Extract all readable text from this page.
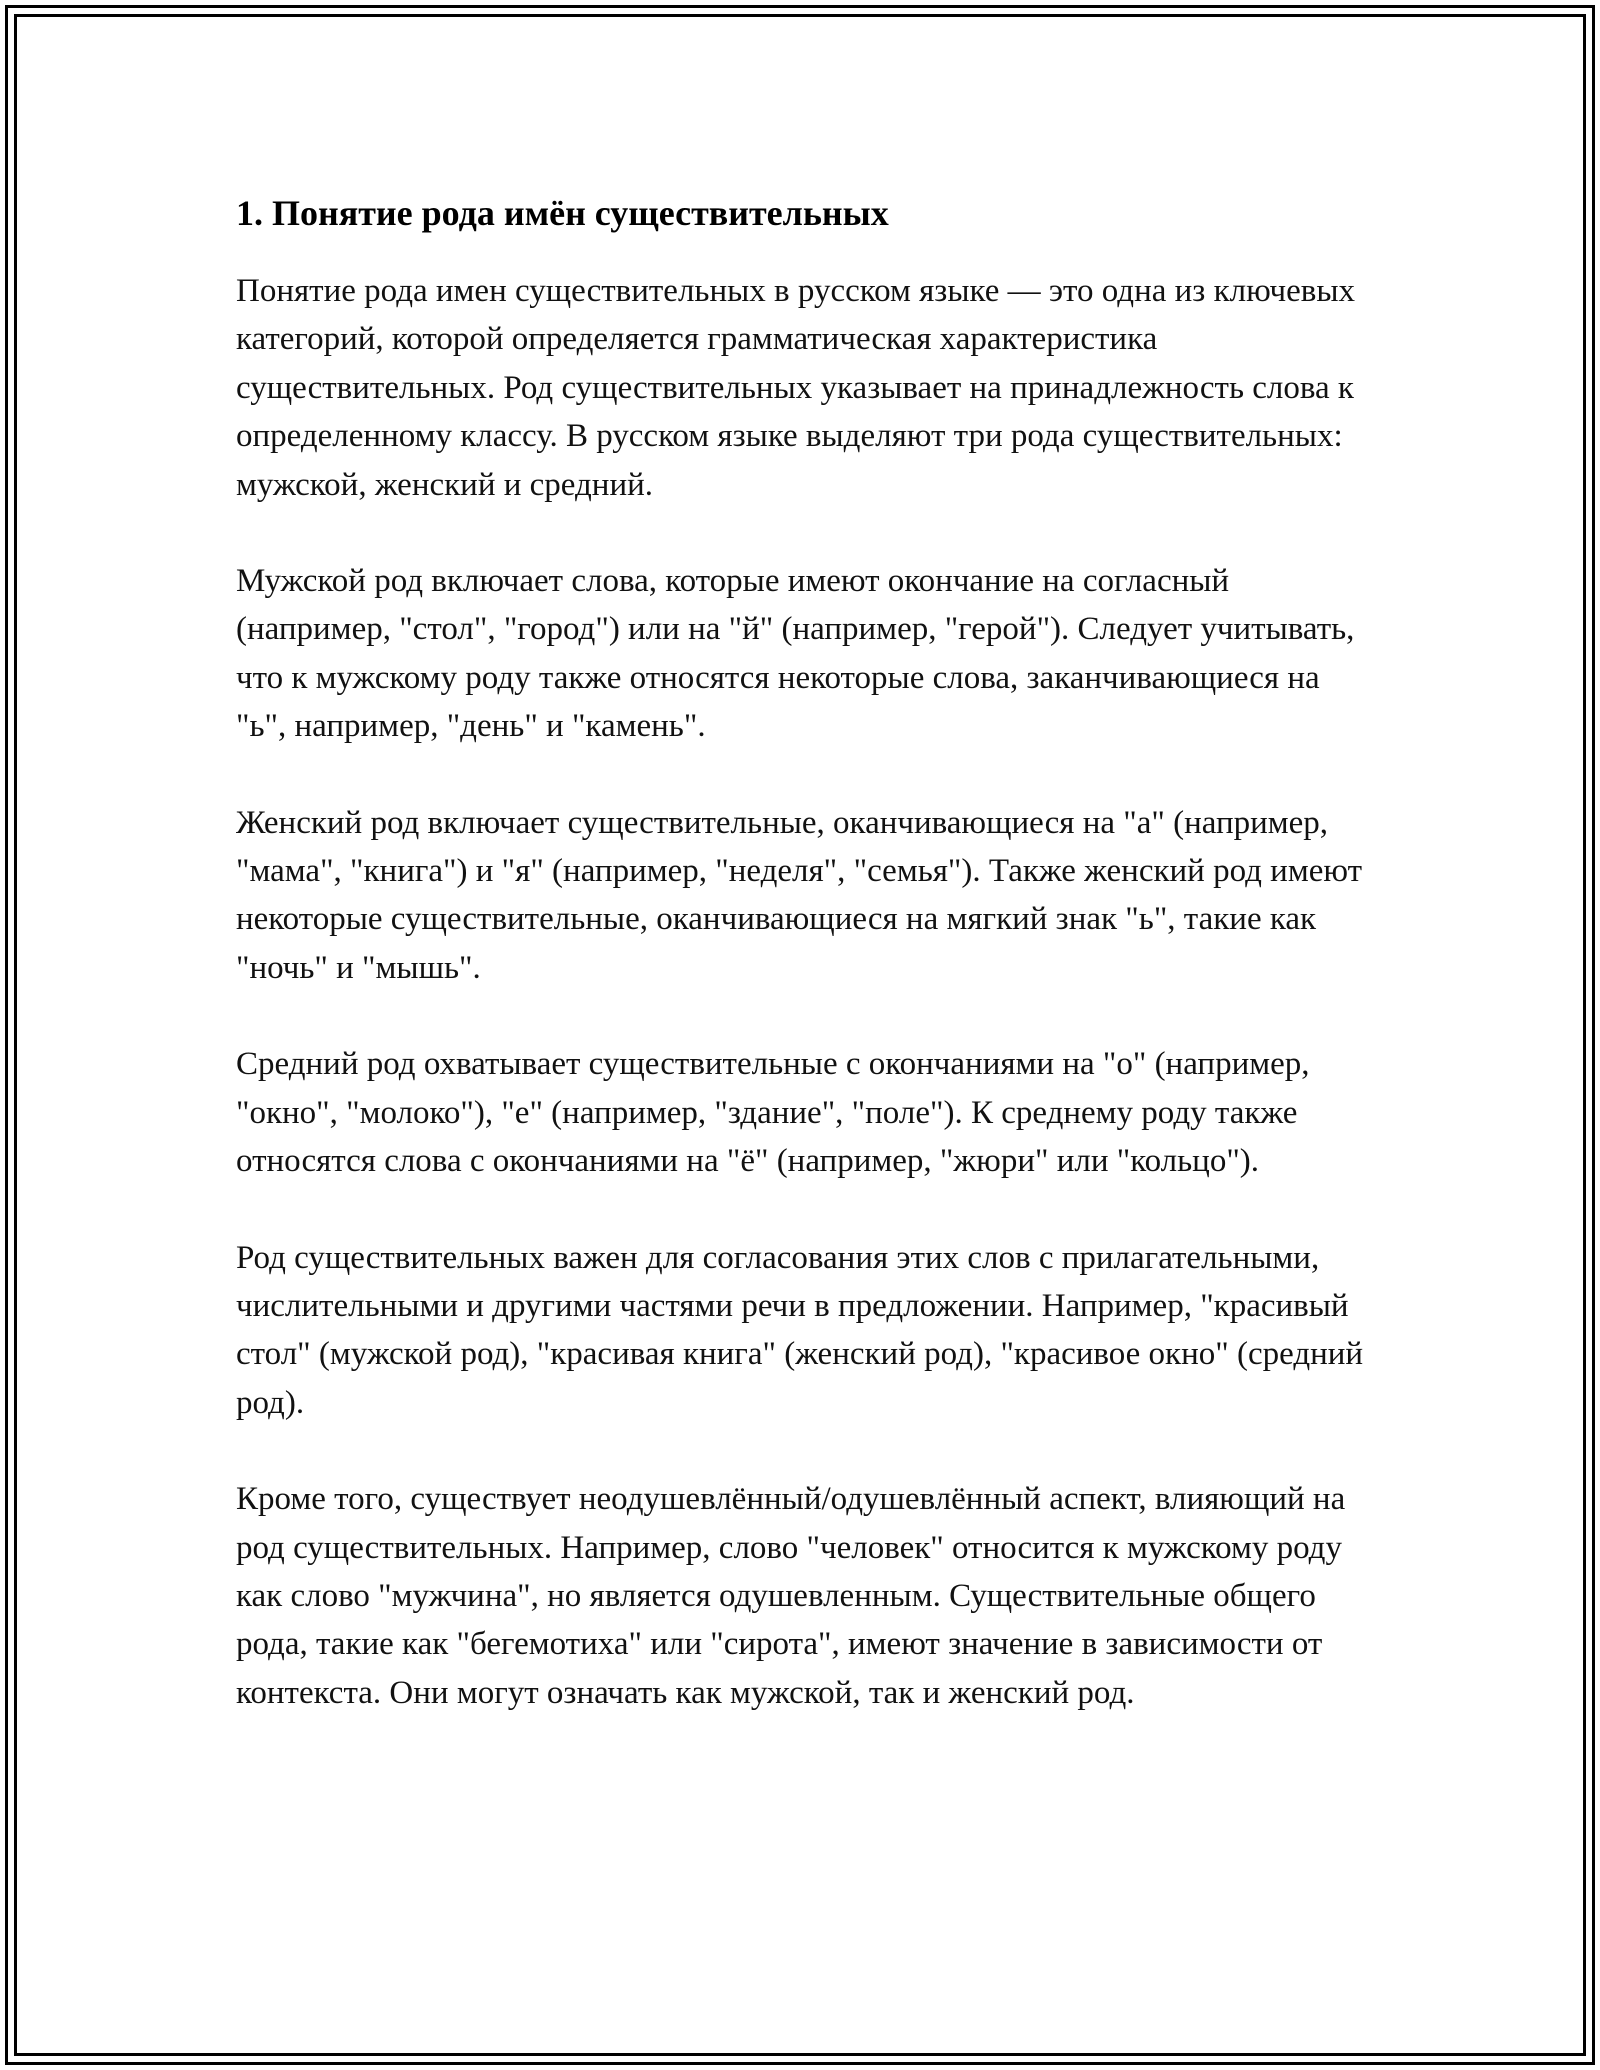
1. Понятие рода имён существительных

Понятие рода имен существительных в русском языке — это одна из ключевых категорий, которой определяется грамматическая характеристика существительных. Род существительных указывает на принадлежность слова к определенному классу. В русском языке выделяют три рода существительных: мужской, женский и средний.

Мужской род включает слова, которые имеют окончание на согласный (например, "стол", "город") или на "й" (например, "герой"). Следует учитывать, что к мужскому роду также относятся некоторые слова, заканчивающиеся на "ь", например, "день" и "камень".

Женский род включает существительные, оканчивающиеся на "а" (например, "мама", "книга") и "я" (например, "неделя", "семья"). Также женский род имеют некоторые существительные, оканчивающиеся на мягкий знак "ь", такие как "ночь" и "мышь".

Средний род охватывает существительные с окончаниями на "о" (например, "окно", "молоко"), "е" (например, "здание", "поле"). К среднему роду также относятся слова с окончаниями на "ё" (например, "жюри" или "кольцо").

Род существительных важен для согласования этих слов с прилагательными, числительными и другими частями речи в предложении. Например, "красивый стол" (мужской род), "красивая книга" (женский род), "красивое окно" (средний род).

Кроме того, существует неодушевлённый/одушевлённый аспект, влияющий на род существительных. Например, слово "человек" относится к мужскому роду как слово "мужчина", но является одушевленным. Существительные общего рода, такие как "бегемотиха" или "сирота", имеют значение в зависимости от контекста. Они могут означать как мужской, так и женский род.
